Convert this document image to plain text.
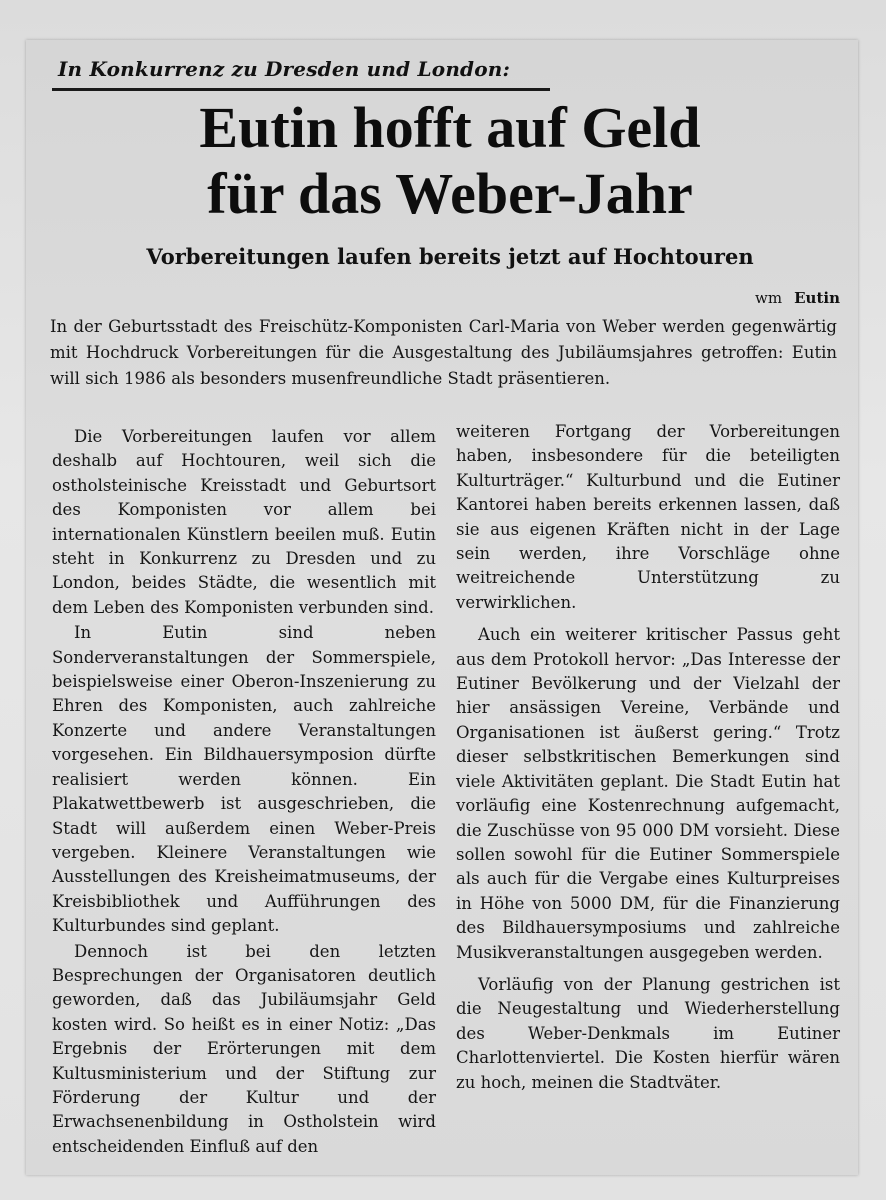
In Konkurrenz zu Dresden und London:
Eutin hofft auf Geld
für das Weber-Jahr
Vorbereitungen laufen bereits jetzt auf Hochtouren
wm Eutin
In der Geburtsstadt des Freischütz-Komponisten Carl-Maria von Weber werden gegenwärtig mit Hochdruck Vorbereitungen für die Ausgestaltung des Jubiläumsjahres getroffen: Eutin will sich 1986 als besonders musenfreundliche Stadt präsentieren.

Die Vorbereitungen laufen vor allem deshalb auf Hochtouren, weil sich die ostholsteinische Kreisstadt und Geburtsort des Komponisten vor allem bei internationalen Künstlern beeilen muß. Eutin steht in Konkurrenz zu Dresden und zu London, beides Städte, die wesentlich mit dem Leben des Komponisten verbunden sind.

In Eutin sind neben Sonderveranstaltungen der Sommerspiele, beispielsweise einer Oberon-Inszenierung zu Ehren des Komponisten, auch zahlreiche Konzerte und andere Veranstaltungen vorgesehen. Ein Bildhauersymposion dürfte realisiert werden können. Ein Plakatwettbewerb ist ausgeschrieben, die Stadt will außerdem einen Weber-Preis vergeben. Kleinere Veranstaltungen wie Ausstellungen des Kreisheimatmuseums, der Kreisbibliothek und Aufführungen des Kulturbundes sind geplant.

Dennoch ist bei den letzten Besprechungen der Organisatoren deutlich geworden, daß das Jubiläumsjahr Geld kosten wird. So heißt es in einer Notiz: „Das Ergebnis der Erörterungen mit dem Kultusministerium und der Stiftung zur Förderung der Kultur und der Erwachsenenbildung in Ostholstein wird entscheidenden Einfluß auf den

weiteren Fortgang der Vorbereitungen haben, insbesondere für die beteiligten Kulturträger.“ Kulturbund und die Eutiner Kantorei haben bereits erkennen lassen, daß sie aus eigenen Kräften nicht in der Lage sein werden, ihre Vorschläge ohne weitreichende Unterstützung zu verwirklichen.

Auch ein weiterer kritischer Passus geht aus dem Protokoll hervor: „Das Interesse der Eutiner Bevölkerung und der Vielzahl der hier ansässigen Vereine, Verbände und Organisationen ist äußerst gering.“ Trotz dieser selbstkritischen Bemerkungen sind viele Aktivitäten geplant. Die Stadt Eutin hat vorläufig eine Kostenrechnung aufgemacht, die Zuschüsse von 95 000 DM vorsieht. Diese sollen sowohl für die Eutiner Sommerspiele als auch für die Vergabe eines Kulturpreises in Höhe von 5000 DM, für die Finanzierung des Bildhauersymposiums und zahlreiche Musikveranstaltungen ausgegeben werden.

Vorläufig von der Planung gestrichen ist die Neugestaltung und Wiederherstellung des Weber-Denkmals im Eutiner Charlottenviertel. Die Kosten hierfür wären zu hoch, meinen die Stadtväter.
